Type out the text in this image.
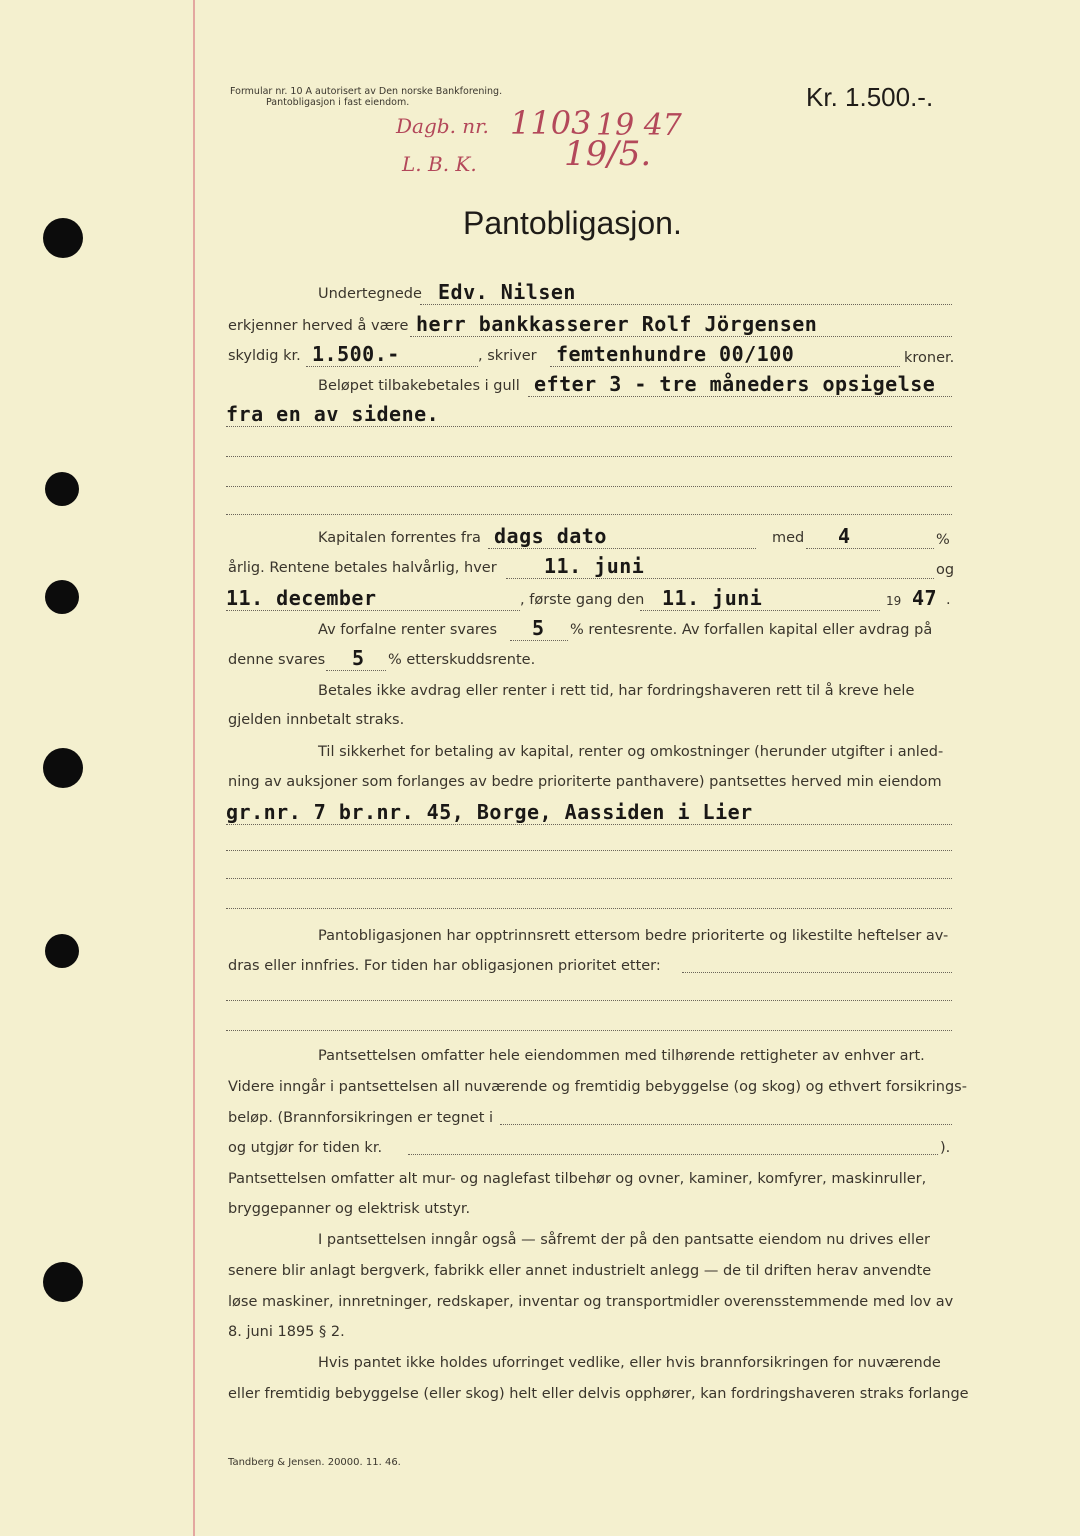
Formular nr. 10 A autorisert av Den norske Bankforening.
Pantobligasjon i fast eiendom.	Kr. 1.500.-.
Dagb. nr. 1103 19 47
L. B. K.	19/5.
Pantobligasjon.
Undertegnede Edv. Nilsen
erkjenner herved å være herr bankkasserer Rolf Jörgensen
skyldig kr. 1.500.-	, skriver femtenhundre 00/100	kroner.
Beløpet tilbakebetales i gull efter 3 - tre måneders opsigelse
fra en av sidene.
Kapitalen forrentes fra dags dato	med 4	%
årlig. Rentene betales halvårlig, hver 11. juni	og
11. december	, første gang den 11. juni	19 47 .
Av forfalne renter svares 5 % rentesrente. Av forfallen kapital eller avdrag på
denne svares 5 % etterskuddsrente.
Betales ikke avdrag eller renter i rett tid, har fordringshaveren rett til å kreve hele
gjelden innbetalt straks.
Til sikkerhet for betaling av kapital, renter og omkostninger (herunder utgifter i anled-
ning av auksjoner som forlanges av bedre prioriterte panthavere) pantsettes herved min eiendom
gr.nr. 7 br.nr. 45, Borge, Aassiden i Lier
Pantobligasjonen har opptrinnsrett ettersom bedre prioriterte og likestilte heftelser av-
dras eller innfries. For tiden har obligasjonen prioritet etter:
Pantsettelsen omfatter hele eiendommen med tilhørende rettigheter av enhver art.
Videre inngår i pantsettelsen all nuværende og fremtidig bebyggelse (og skog) og ethvert forsikrings-
beløp. (Brannforsikringen er tegnet i
og utgjør for tiden kr.	).
Pantsettelsen omfatter alt mur- og naglefast tilbehør og ovner, kaminer, komfyrer, maskinruller,
bryggepanner og elektrisk utstyr.
I pantsettelsen inngår også — såfremt der på den pantsatte eiendom nu drives eller
senere blir anlagt bergverk, fabrikk eller annet industrielt anlegg — de til driften herav anvendte
løse maskiner, innretninger, redskaper, inventar og transportmidler overensstemmende med lov av
8. juni 1895 § 2.
Hvis pantet ikke holdes uforringet vedlike, eller hvis brannforsikringen for nuværende
eller fremtidig bebyggelse (eller skog) helt eller delvis opphører, kan fordringshaveren straks forlange
Tandberg & Jensen. 20000. 11. 46.
